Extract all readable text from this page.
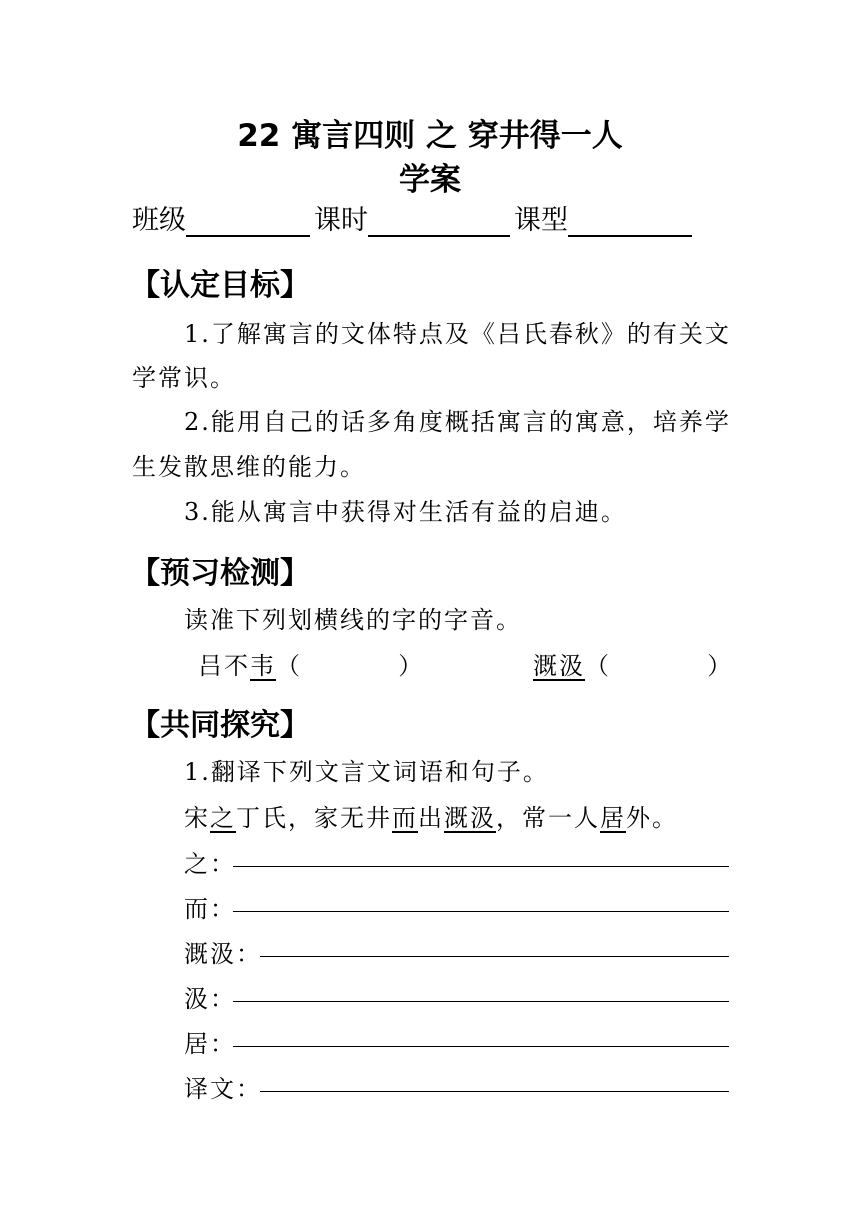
22 寓言四则 之 穿井得一人
学案
班级	课时	课型
【认定目标】
1.了解寓言的文体特点及《吕氏春秋》的有关文
学常识。
2.能用自己的话多角度概括寓言的寓意，培养学
生发散思维的能力。
3.能从寓言中获得对生活有益的启迪。
【预习检测】
读准下列划横线的字的字音。
吕不韦（          ）	溉汲（          ）
【共同探究】
1.翻译下列文言文词语和句子。
宋之丁氏，家无井而出溉汲，常一人居外。
之：
而：
溉汲：
汲：
居：
译文：
